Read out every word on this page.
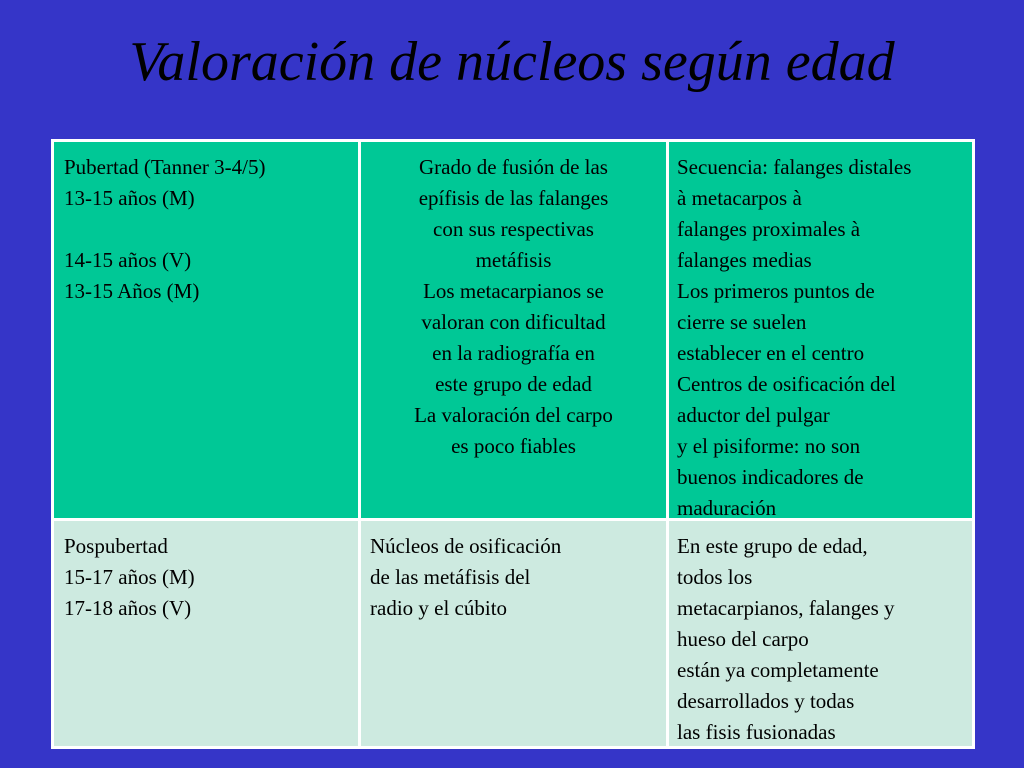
Valoración de núcleos según edad
Pubertad (Tanner 3-4/5)
13-15 años (M)
14-15 años (V)
13-15 Años (M)
Grado de fusión de las
epífisis de las falanges
con sus respectivas
metáfisis
Los metacarpianos se
valoran con dificultad
en la radiografía en
este grupo de edad
La valoración del carpo
es poco fiables
Secuencia: falanges distales
à metacarpos à
falanges proximales à
falanges medias
Los primeros puntos de
cierre se suelen
establecer en el centro
Centros de osificación del
aductor del pulgar
y el pisiforme: no son
buenos indicadores de
maduración
Pospubertad
15-17 años (M)
17-18 años (V)
Núcleos de osificación
de las metáfisis del
radio y el cúbito
En este grupo de edad,
todos los
metacarpianos, falanges y
hueso del carpo
están ya completamente
desarrollados y todas
las fisis fusionadas
